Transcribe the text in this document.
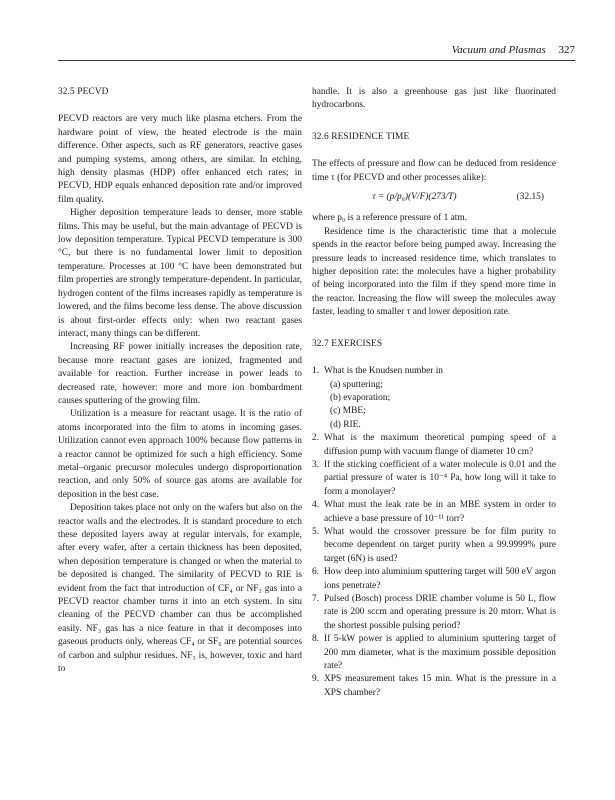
Vacuum and Plasmas 327
32.5 PECVD

PECVD reactors are very much like plasma etchers. From the hardware point of view, the heated electrode is the main difference. Other aspects, such as RF generators, reactive gases and pumping systems, among others, are similar. In etching, high density plasmas (HDP) offer enhanced etch rates; in PECVD, HDP equals enhanced deposition rate and/or improved film quality.

Higher deposition temperature leads to denser, more stable films. This may be useful, but the main advantage of PECVD is low deposition temperature. Typical PECVD temperature is 300 °C, but there is no fundamental lower limit to deposition temperature. Processes at 100 °C have been demonstrated but film properties are strongly temperature-dependent. In particular, hydrogen content of the films increases rapidly as temperature is lowered, and the films become less dense. The above discussion is about first-order effects only: when two reactant gases interact, many things can be different.

Increasing RF power initially increases the deposition rate, because more reactant gases are ionized, fragmented and available for reaction. Further increase in power leads to decreased rate, however: more and more ion bombardment causes sputtering of the growing film.

Utilization is a measure for reactant usage. It is the ratio of atoms incorporated into the film to atoms in incoming gases. Utilization cannot even approach 100% because flow patterns in a reactor cannot be optimized for such a high efficiency. Some metal–organic precursor molecules undergo disproportionation reaction, and only 50% of source gas atoms are available for deposition in the best case.

Deposition takes place not only on the wafers but also on the reactor walls and the electrodes. It is standard procedure to etch these deposited layers away at regular intervals, for example, after every wafer, after a certain thickness has been deposited, when deposition temperature is changed or when the material to be deposited is changed. The similarity of PECVD to RIE is evident from the fact that introduction of CF₄ or NF₃ gas into a PECVD reactor chamber turns it into an etch system. In situ cleaning of the PECVD chamber can thus be accomplished easily. NF₃ gas has a nice feature in that it decomposes into gaseous products only, whereas CF₄ or SF₆ are potential sources of carbon and sulphur residues. NF₃ is, however, toxic and hard to

handle. It is also a greenhouse gas just like fluorinated hydrocarbons.

32.6 RESIDENCE TIME

The effects of pressure and flow can be deduced from residence time τ (for PECVD and other processes alike):

τ = (p/p₀)(V/F)(273/T)	(32.15)

where p₀ is a reference pressure of 1 atm.

Residence time is the characteristic time that a molecule spends in the reactor before being pumped away. Increasing the pressure leads to increased residence time, which translates to higher deposition rate: the molecules have a higher probability of being incorporated into the film if they spend more time in the reactor. Increasing the flow will sweep the molecules away faster, leading to smaller τ and lower deposition rate.

32.7 EXERCISES
1. What is the Knudsen number in
(a) sputtering;
(b) evaporation;
(c) MBE;
(d) RIE.
2. What is the maximum theoretical pumping speed of a diffusion pump with vacuum flange of diameter 10 cm?
3. If the sticking coefficient of a water molecule is 0.01 and the partial pressure of water is 10⁻⁴ Pa, how long will it take to form a monolayer?
4. What must the leak rate be in an MBE system in order to achieve a base pressure of 10⁻¹¹ torr?
5. What would the crossover pressure be for film purity to become dependent on target purity when a 99.9999% pure target (6N) is used?
6. How deep into aluminium sputtering target will 500 eV argon ions penetrate?
7. Pulsed (Bosch) process DRIE chamber volume is 50 L, flow rate is 200 sccm and operating pressure is 20 mtorr. What is the shortest possible pulsing period?
8. If 5-kW power is applied to aluminium sputtering target of 200 mm diameter, what is the maximum possible deposition rate?
9. XPS measurement takes 15 min. What is the pressure in a XPS chamber?
